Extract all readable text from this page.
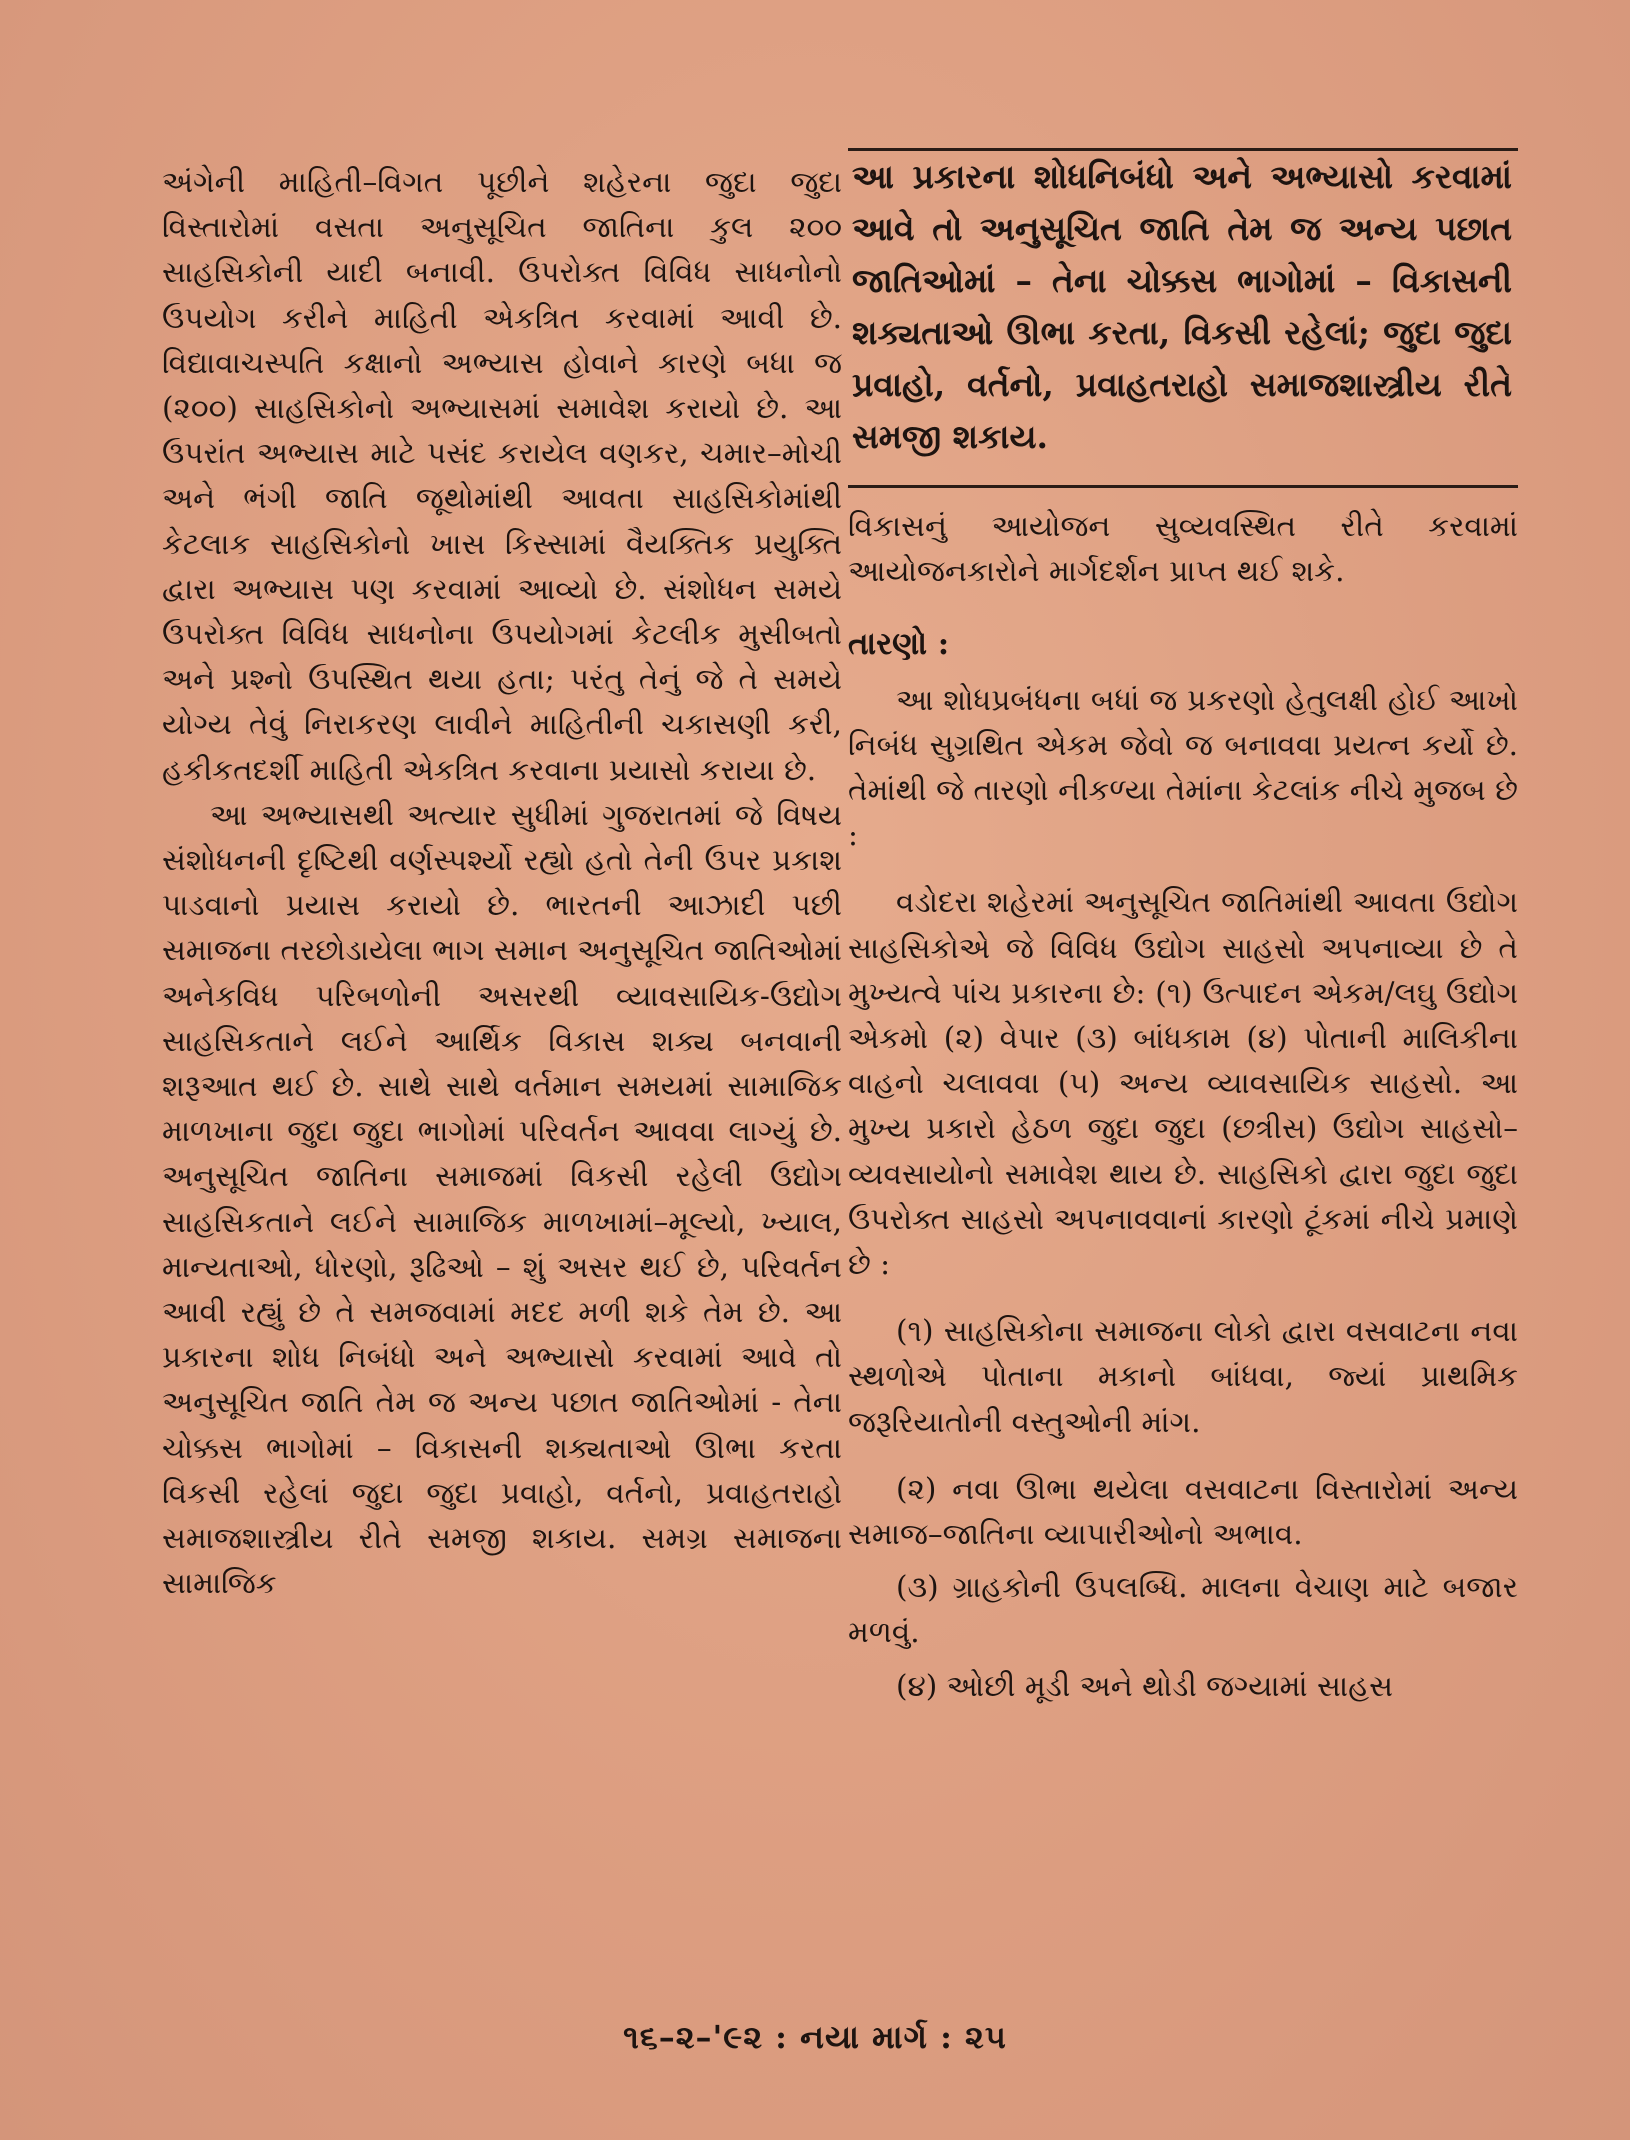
અંગેની માહિતી–વિગત પૂછીને શહેરના જુદા જુદા વિસ્તારોમાં વસતા અનુસૂચિત જાતિના કુલ ૨૦૦ સાહસિકોની યાદી બનાવી. ઉપરોક્ત વિવિધ સાધનોનો ઉપયોગ કરીને માહિતી એકત્રિત કરવામાં આવી છે. વિદ્યાવાચસ્પતિ કક્ષાનો અભ્યાસ હોવાને કારણે બધા જ (૨૦૦) સાહસિકોનો અભ્યાસમાં સમાવેશ કરાયો છે. આ ઉપરાંત અભ્યાસ માટે પસંદ કરાયેલ વણકર, ચમાર–મોચી અને ભંગી જાતિ જૂથોમાંથી આવતા સાહસિકોમાંથી કેટલાક સાહસિકોનો ખાસ કિસ્સામાં વૈયક્તિક પ્રયુક્તિ દ્વારા અભ્યાસ પણ કરવામાં આવ્યો છે. સંશોધન સમયે ઉપરોક્ત વિવિધ સાધનોના ઉપયોગમાં કેટલીક મુસીબતો અને પ્રશ્નો ઉપસ્થિત થયા હતા; પરંતુ તેનું જે તે સમયે યોગ્ય તેવું નિરાકરણ લાવીને માહિતીની ચકાસણી કરી, હકીકતદર્શી માહિતી એકત્રિત કરવાના પ્રયાસો કરાયા છે.

આ અભ્યાસથી અત્યાર સુધીમાં ગુજરાતમાં જે વિષય સંશોધનની દૃષ્ટિથી વર્ણસ્પર્શ્યો રહ્યો હતો તેની ઉપર પ્રકાશ પાડવાનો પ્રયાસ કરાયો છે. ભારતની આઝાદી પછી સમાજના તરછોડાયેલા ભાગ સમાન અનુસૂચિત જાતિઓમાં અનેકવિધ પરિબળોની અસરથી વ્યાવસાયિક-ઉદ્યોગ સાહસિકતાને લઈને આર્થિક વિકાસ શક્ય બનવાની શરૂઆત થઈ છે. સાથે સાથે વર્તમાન સમયમાં સામાજિક માળખાના જુદા જુદા ભાગોમાં પરિવર્તન આવવા લાગ્યું છે. અનુસૂચિત જાતિના સમાજમાં વિકસી રહેલી ઉદ્યોગ સાહસિકતાને લઈને સામાજિક માળખામાં–મૂલ્યો, ખ્યાલ, માન્યતાઓ, ધોરણો, રૂઢિઓ – શું અસર થઈ છે, પરિવર્તન આવી રહ્યું છે તે સમજવામાં મદદ મળી શકે તેમ છે. આ પ્રકારના શોધ નિબંધો અને અભ્યાસો કરવામાં આવે તો અનુસૂચિત જાતિ તેમ જ અન્ય પછાત જાતિઓમાં - તેના ચોક્કસ ભાગોમાં – વિકાસની શક્યતાઓ ઊભા કરતા વિકસી રહેલાં જુદા જુદા પ્રવાહો, વર્તનો, પ્રવાહતરાહો સમાજશાસ્ત્રીય રીતે સમજી શકાય. સમગ્ર સમાજના સામાજિક

આ પ્રકારના શોધનિબંધો અને અભ્યાસો કરવામાં આવે તો અનુસૂચિત જાતિ તેમ જ અન્ય પછાત જાતિઓમાં – તેના ચોક્કસ ભાગોમાં – વિકાસની શક્યતાઓ ઊભા કરતા, વિકસી રહેલાં; જુદા જુદા પ્રવાહો, વર્તનો, પ્રવાહતરાહો સમાજશાસ્ત્રીય રીતે સમજી શકાય.

વિકાસનું આયોજન સુવ્યવસ્થિત રીતે કરવામાં આયોજનકારોને માર્ગદર્શન પ્રાપ્ત થઈ શકે.

તારણો :

આ શોધપ્રબંધના બધાં જ પ્રકરણો હેતુલક્ષી હોઈ આખો નિબંધ સુગ્રથિત એકમ જેવો જ બનાવવા પ્રયત્ન કર્યો છે. તેમાંથી જે તારણો નીકળ્યા તેમાંના કેટલાંક નીચે મુજબ છે :

વડોદરા શહેરમાં અનુસૂચિત જાતિમાંથી આવતા ઉદ્યોગ સાહસિકોએ જે વિવિધ ઉદ્યોગ સાહસો અપનાવ્યા છે તે મુખ્યત્વે પાંચ પ્રકારના છે: (૧) ઉત્પાદન એકમ/લઘુ ઉદ્યોગ એકમો (૨) વેપાર (૩) બાંધકામ (૪) પોતાની માલિકીના વાહનો ચલાવવા (૫) અન્ય વ્યાવસાયિક સાહસો. આ મુખ્ય પ્રકારો હેઠળ જુદા જુદા (છત્રીસ) ઉદ્યોગ સાહસો–વ્યવસાયોનો સમાવેશ થાય છે. સાહસિકો દ્વારા જુદા જુદા ઉપરોક્ત સાહસો અપનાવવાનાં કારણો ટૂંકમાં નીચે પ્રમાણે છે :

(૧) સાહસિકોના સમાજના લોકો દ્વારા વસવાટના નવા સ્થળોએ પોતાના મકાનો બાંધવા, જ્યાં પ્રાથમિક જરૂરિયાતોની વસ્તુઓની માંગ.

(૨) નવા ઊભા થયેલા વસવાટના વિસ્તારોમાં અન્ય સમાજ–જાતિના વ્યાપારીઓનો અભાવ.

(૩) ગ્રાહકોની ઉપલબ્ધિ. માલના વેચાણ માટે બજાર મળવું.

(૪) ઓછી મૂડી અને થોડી જગ્યામાં સાહસ

૧૬–૨–'૯૨ : નયા માર્ગ : ૨૫
